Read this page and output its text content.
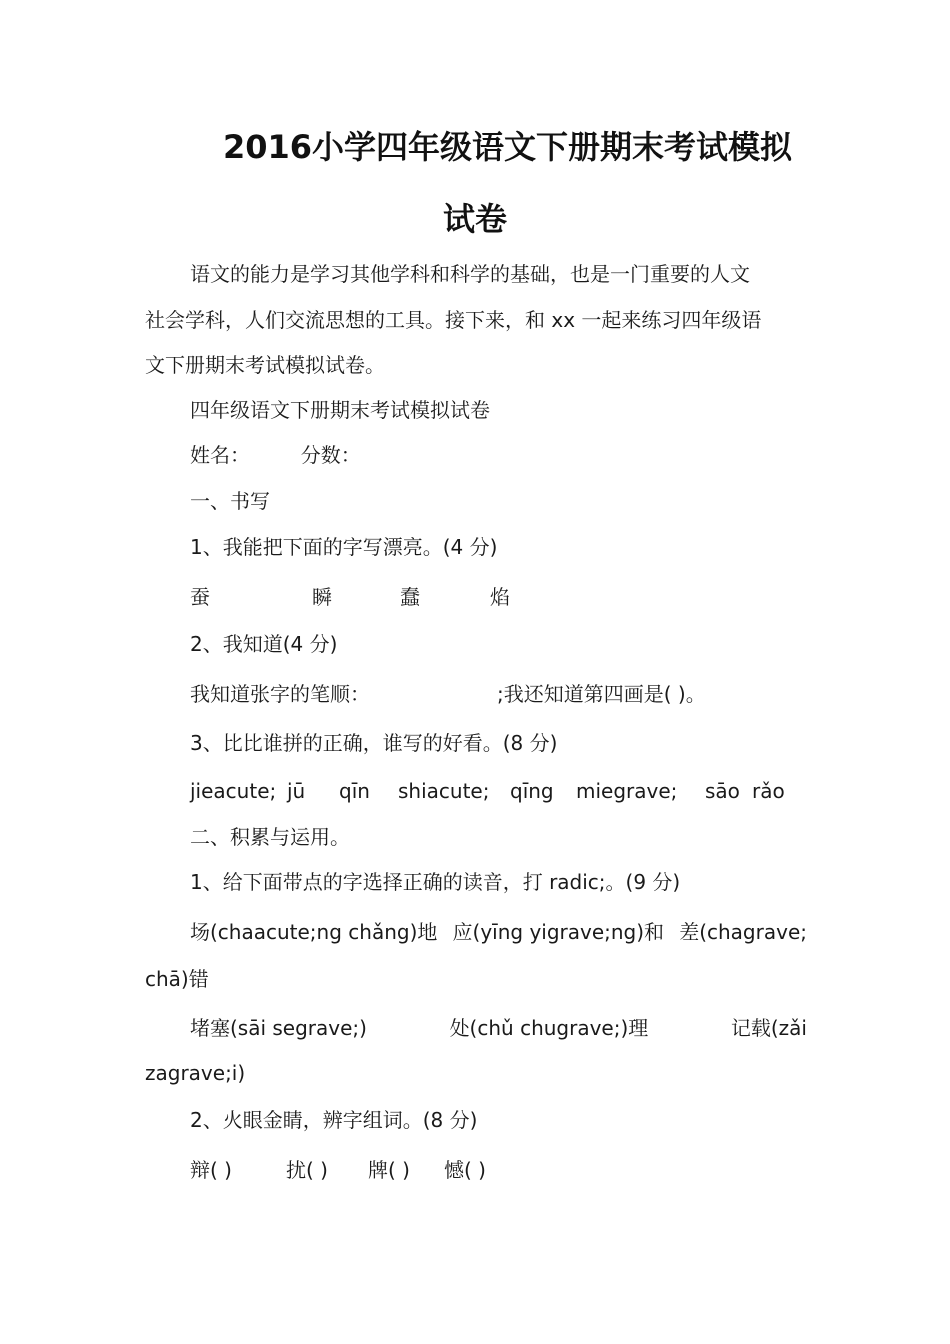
2016小学四年级语文下册期末考试模拟
试卷
语文的能力是学习其他学科和科学的基础，也是一门重要的人文
社会学科，人们交流思想的工具。接下来，和 xx 一起来练习四年级语
文下册期末考试模拟试卷。
四年级语文下册期末考试模拟试卷
姓名：	分数：
一、书写
1、我能把下面的字写漂亮。(4 分)
蚕	瞬	蠢	焰
2、我知道(4 分)
我知道张字的笔顺：	;我还知道第四画是( )。
3、比比谁拼的正确，谁写的好看。(8 分)
jieacute; jū qīn shiacute; qīng miegrave; sāo rǎo
二、积累与运用。
1、给下面带点的字选择正确的读音，打 radic;。(9 分)
场(chaacute;ng chǎng)地 应(yīng yigrave;ng)和 差(chagrave;
chā)错
堵塞(sāi segrave;)	处(chǔ chugrave;)理	记载(zǎi
zagrave;i)
2、火眼金睛，辨字组词。(8 分)
辩( )	扰( ) 牌( ) 憾( )
